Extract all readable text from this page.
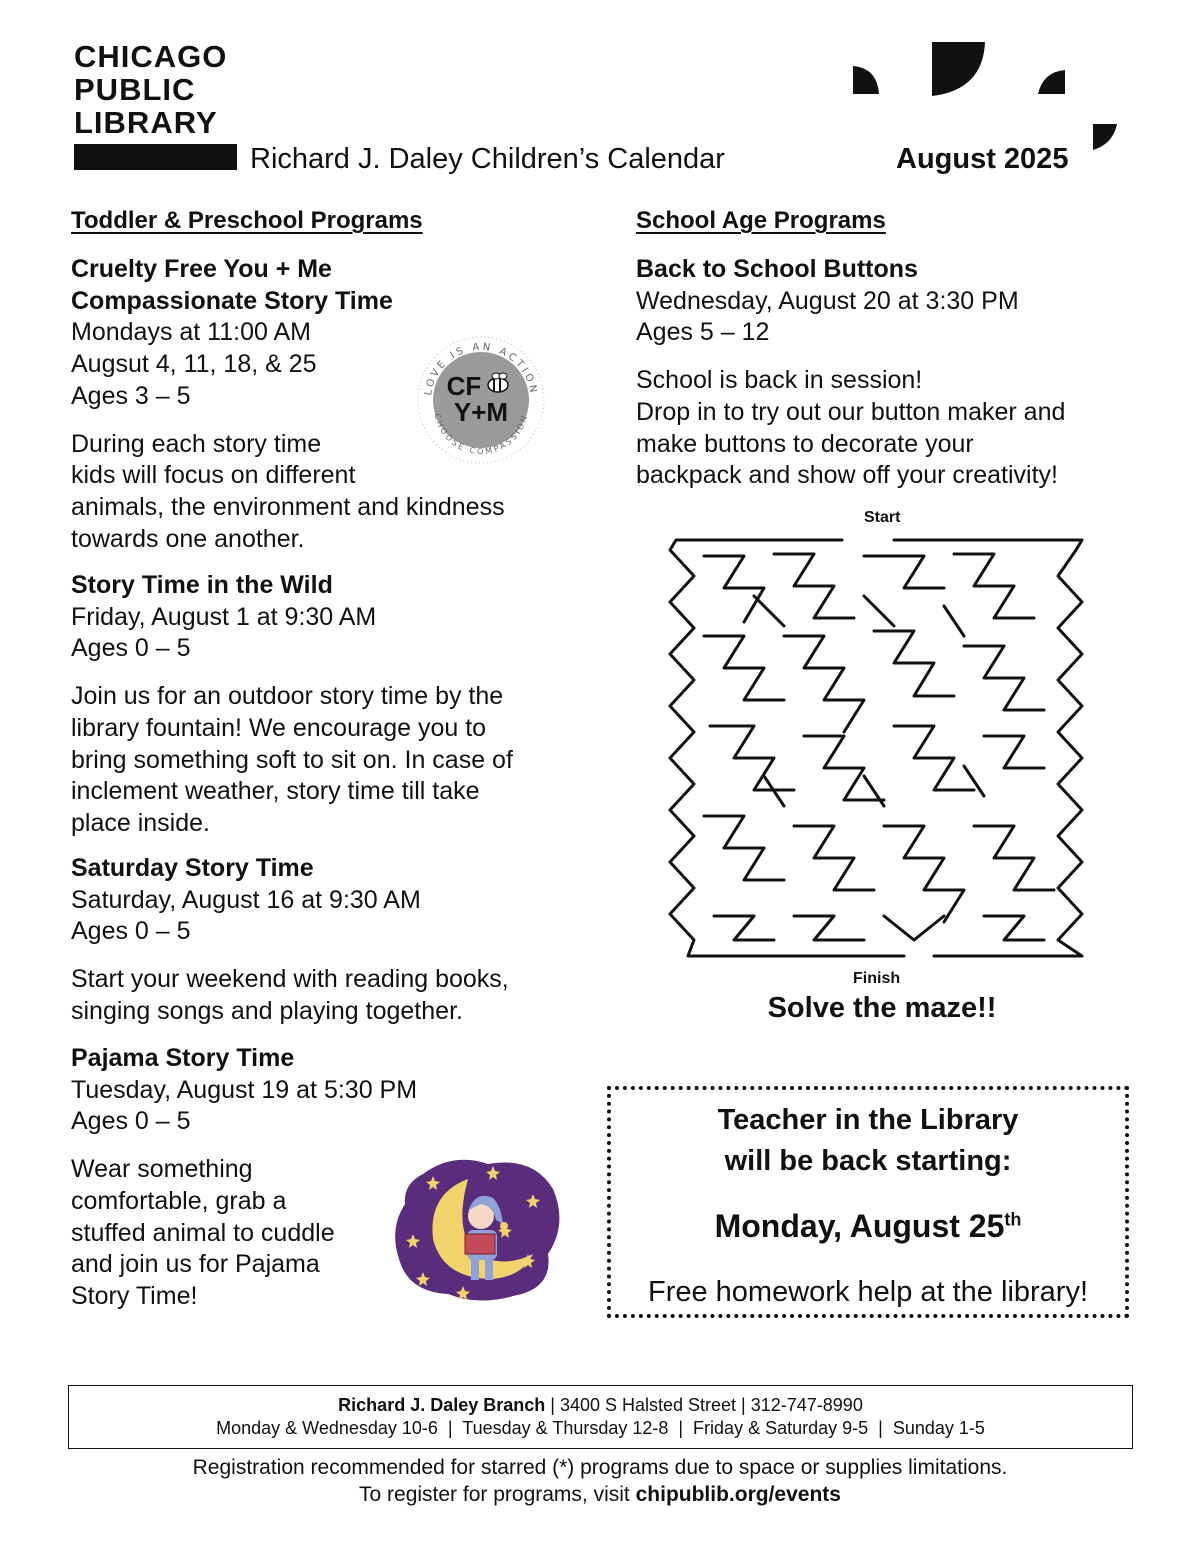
CHICAGO
PUBLIC
LIBRARY
Richard J. Daley Children’s Calendar	August 2025
Toddler & Preschool Programs
Cruelty Free You + Me
Compassionate Story Time
Mondays at 11:00 AM
Augsut 4, 11, 18, & 25
Ages 3 – 5
During each story time
kids will focus on different
animals, the environment and kindness
towards one another.
LOVE IS AN ACTION
CHOOSE COMPASSION
CF
Y+M
Story Time in the Wild
Friday, August 1 at 9:30 AM
Ages 0 – 5
Join us for an outdoor story time by the
library fountain! We encourage you to
bring something soft to sit on. In case of
inclement weather, story time till take
place inside.
Saturday Story Time
Saturday, August 16 at 9:30 AM
Ages 0 – 5
Start your weekend with reading books,
singing songs and playing together.
Pajama Story Time
Tuesday, August 19 at 5:30 PM
Ages 0 – 5
Wear something
comfortable, grab a
stuffed animal to cuddle
and join us for Pajama
Story Time!
School Age Programs
Back to School Buttons
Wednesday, August 20 at 3:30 PM
Ages 5 – 12
School is back in session!
Drop in to try out our button maker and
make buttons to decorate your
backpack and show off your creativity!
Start
Finish
Solve the maze!!
Teacher in the Library
will be back starting:
Monday, August 25th
Free homework help at the library!
Richard J. Daley Branch | 3400 S Halsted Street | 312-747-8990
Monday & Wednesday 10-6  |  Tuesday & Thursday 12-8  |  Friday & Saturday 9-5  |  Sunday 1-5
Registration recommended for starred (*) programs due to space or supplies limitations.
To register for programs, visit chipublib.org/events
